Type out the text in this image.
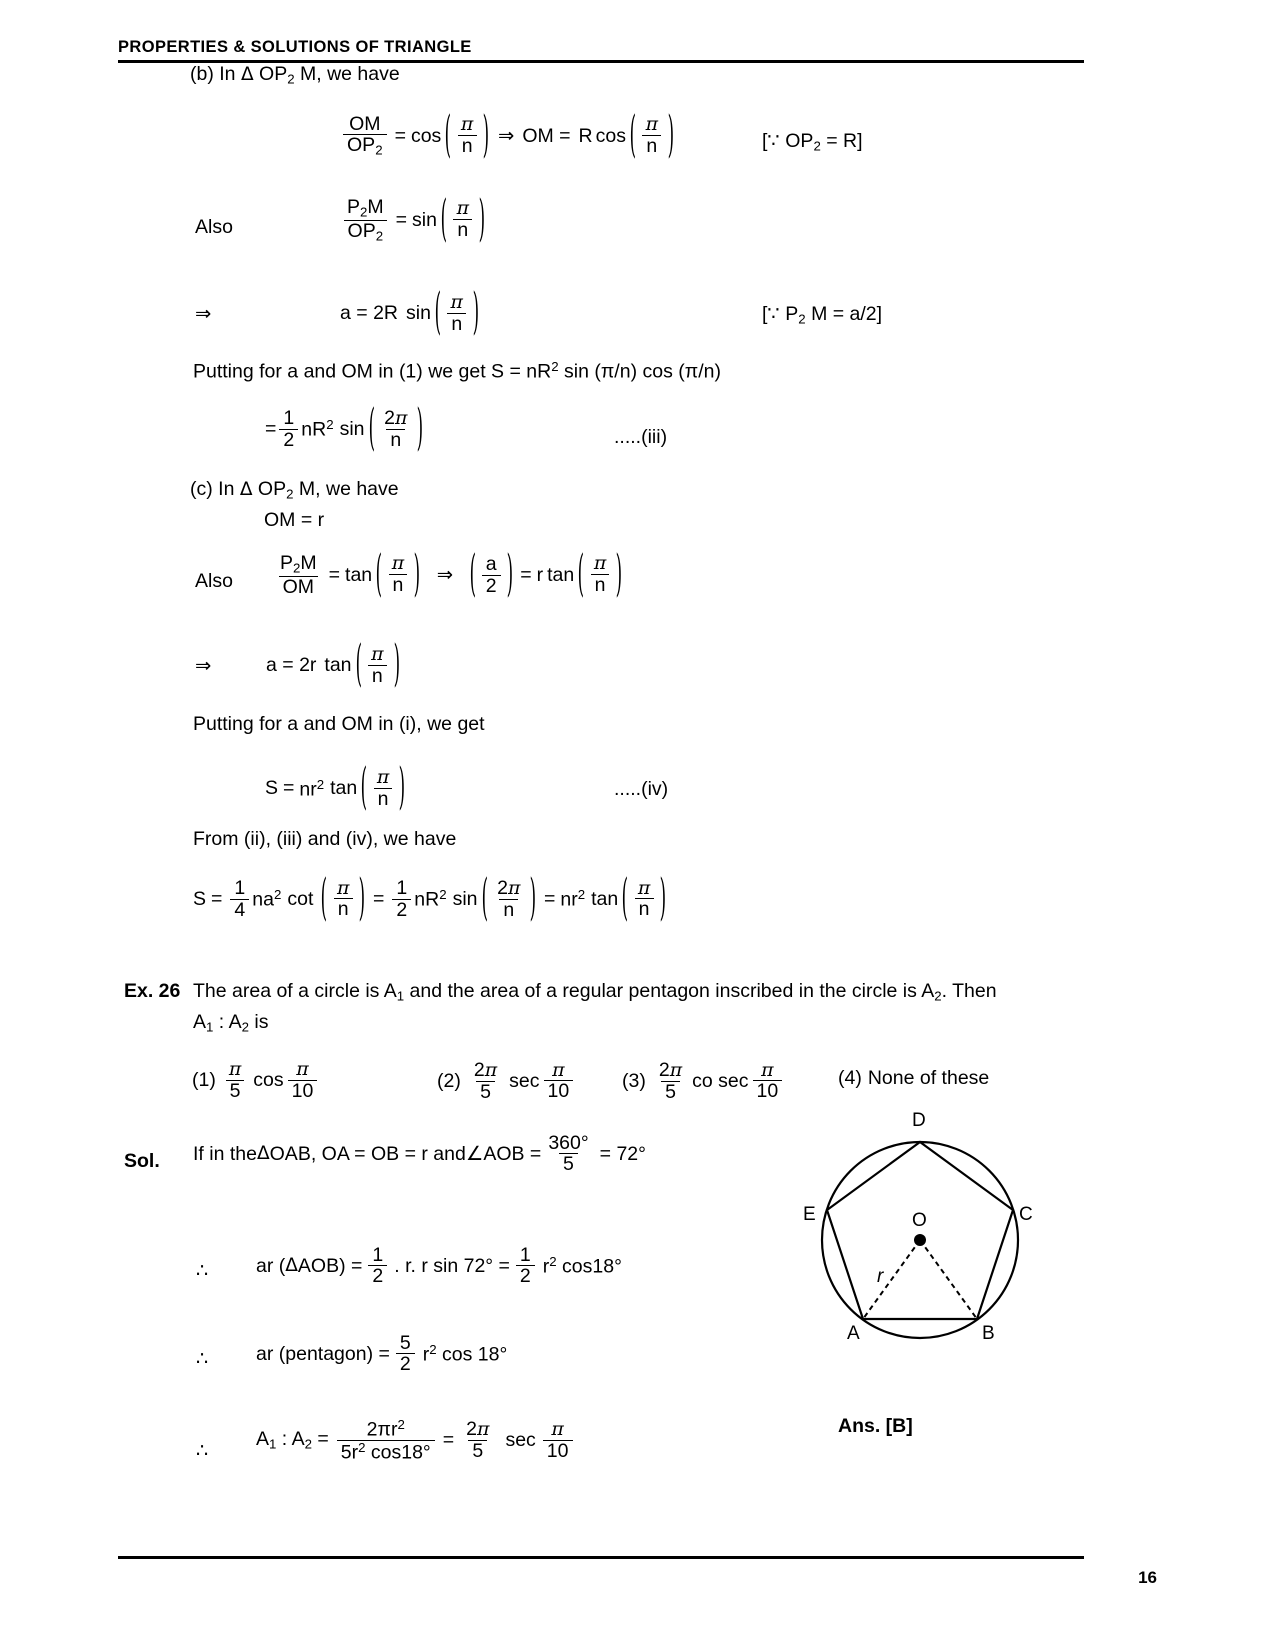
PROPERTIES & SOLUTIONS OF TRIANGLE
(b) In Δ $OP_2$ M, we have
$\frac{OM}{OP_2} = \cos$ ( $\frac{\pi}{n}$ ) ⇒ OM = R cos ( $\frac{\pi}{n}$ )	[∵ $OP_2 = R$]
Also	$\frac{P_2M}{OP_2} = \sin$ ( $\frac{\pi}{n}$ )
⇒	a = 2R sin ( $\frac{\pi}{n}$ )	[∵ $P_2$ M = a/2]
Putting for a and OM in (1) we get $S = nR^2$ sin (π/n) cos (π/n)
= $\frac{1}{2} nR^2$ sin ( $\frac{2\pi}{n}$ )	.....(iii)
(c) In Δ $OP_2$ M, we have
OM = r
Also $\frac{P_2M}{OM} = \tan$ ( $\frac{\pi}{n}$ ) ⇒ ( $\frac{a}{2}$ ) = r tan ( $\frac{\pi}{n}$ )
⇒	a = 2r tan ( $\frac{\pi}{n}$ )
Putting for a and OM in (i), we get
$S = nr^2$ tan ( $\frac{\pi}{n}$ )	.....(iv)
From (ii), (iii) and (iv), we have
$S = \frac{1}{4} na^2$ cot ( $\frac{\pi}{n}$ ) = $\frac{1}{2} nR^2$ sin ( $\frac{2\pi}{n}$ ) = $nr^2$ tan ( $\frac{\pi}{n}$ )
Ex. 26 The area of a circle is $A_1$ and the area of a regular pentagon inscribed in the circle is $A_2$. Then
$A_1$ : $A_2$ is
$(1) \frac{\pi}{5}$ $\cos \frac{\pi}{10}$	$(2) \frac{2\pi}{5}$ $\sec \frac{\pi}{10}$	$(3) \frac{2\pi}{5}$ co $\sec \frac{\pi}{10}$	(4) None of these
Sol. If in the Δ OAB, OA = OB = r and ∠ AOB = $\frac{360^\circ}{5} = 72^\circ$
∴ ar ( Δ $AOB) = \frac{1}{2}$ . r. r $\sin 72^\circ = \frac{1}{2} r^2$ cos18°
∴ ar (pentagon) = $\frac{5}{2} r^2$ cos 18°
∴ $A_1$ : $A_2 = \frac{2\pi r^2}{5r^2 \cos 18^\circ} = \frac{2\pi}{5}$ $\sec \frac{\pi}{10}$	Ans. [B]
D
C
E
A	B
O
r
16
